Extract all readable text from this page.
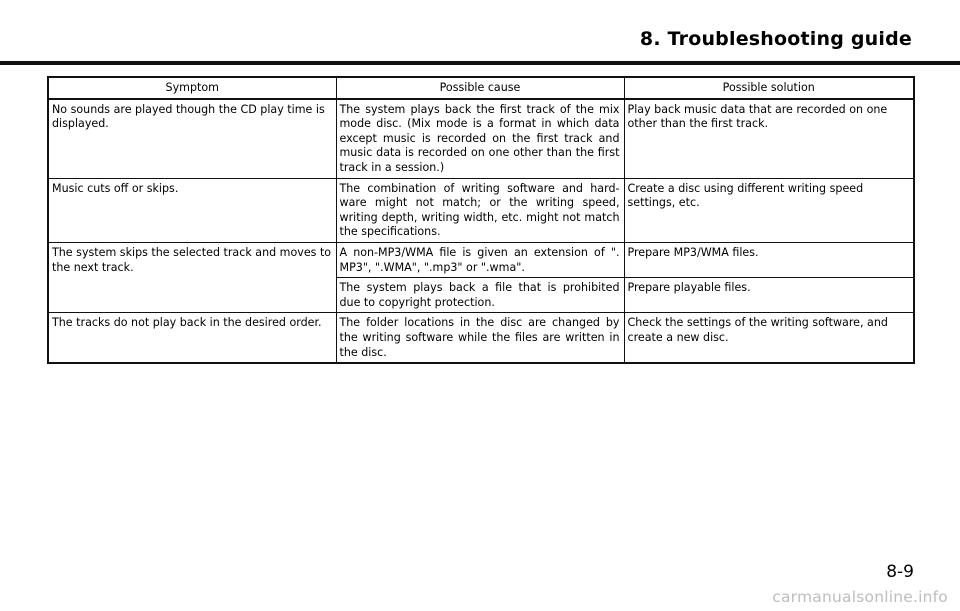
8. Troubleshooting guide
Symptom	Possible cause	Possible solution
No sounds are played though the CD play time is displayed.	The system plays back the first track of the mix mode disc. (Mix mode is a format in which data except music is recorded on the first track and music data is recorded on one other than the first track in a session.)	Play back music data that are recorded on one other than the first track.
Music cuts off or skips.	The combination of writing software and hard-ware might not match; or the writing speed, writing depth, writing width, etc. might not match the specifications.	Create a disc using different writing speed settings, etc.
The system skips the selected track and moves to the next track.	A non-MP3/WMA file is given an extension of ". MP3", ".WMA", ".mp3" or ".wma".	Prepare MP3/WMA files.
	The system plays back a file that is prohibited due to copyright protection.	Prepare playable files.
The tracks do not play back in the desired order.	The folder locations in the disc are changed by the writing software while the files are written in the disc.	Check the settings of the writing software, and create a new disc.
8-9
carmanualsonline.info
